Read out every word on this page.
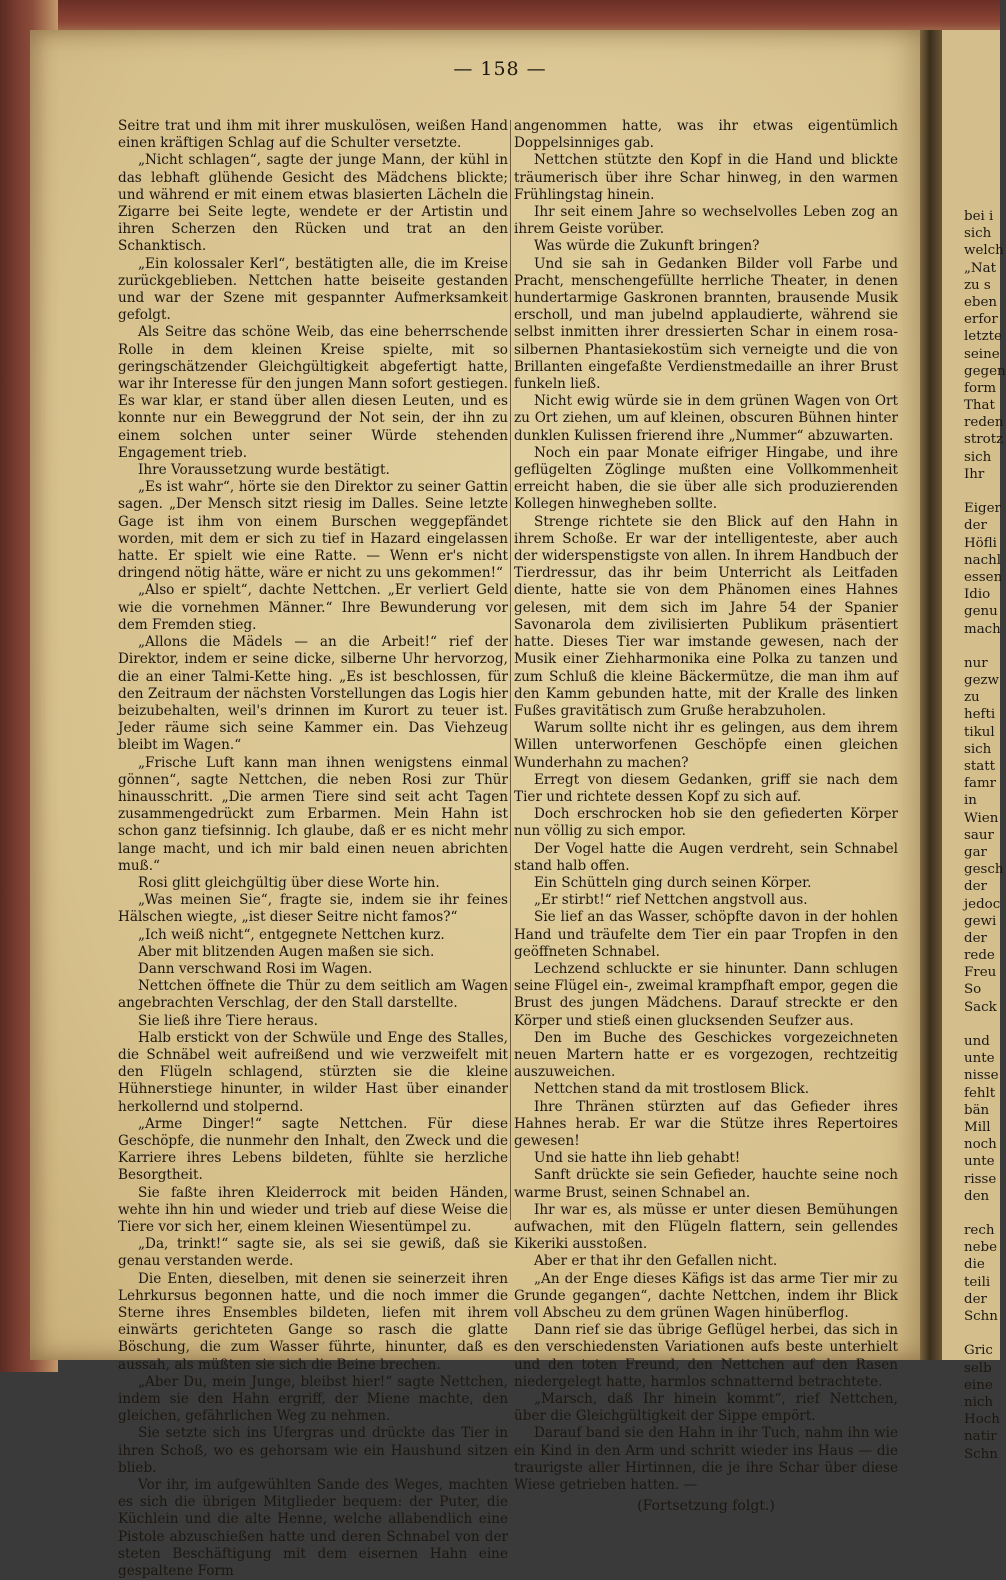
bei i
sich
welch
„Nat
zu s
eben
erfor
letzte
seine
gegen
form
That
reden
strotz
sich
Ihr
Eiger
der
Höfli
nachl
essen
Idio
genu
mach
nur
gezw
zu
hefti
tikul
sich
statt
famr
in
Wien
saur
gar
gesch
der
jedoc
gewi
der
rede
Freu
So
Sack
und
unte
nisse
fehlt
bän
Mill
noch
unte
risse
den
rech
nebe
die
teili
der
Schn
Gric
selb
eine
nich
Hoch
natir
Schn
— 158 —

Seitre trat und ihm mit ihrer muskulösen, weißen Hand einen kräftigen Schlag auf die Schulter versetzte.

„Nicht schlagen“, sagte der junge Mann, der kühl in das lebhaft glühende Gesicht des Mädchens blickte; und während er mit einem etwas blasierten Lächeln die Zigarre bei Seite legte, wendete er der Artistin und ihren Scherzen den Rücken und trat an den Schanktisch.

„Ein kolossaler Kerl“, bestätigten alle, die im Kreise zurückgeblieben. Nettchen hatte beiseite gestanden und war der Szene mit gespannter Aufmerksamkeit gefolgt.

Als Seitre das schöne Weib, das eine beherrschende Rolle in dem kleinen Kreise spielte, mit so geringschätzender Gleichgültigkeit abgefertigt hatte, war ihr Interesse für den jungen Mann sofort gestiegen. Es war klar, er stand über allen diesen Leuten, und es konnte nur ein Beweggrund der Not sein, der ihn zu einem solchen unter seiner Würde stehenden Engagement trieb.

Ihre Voraussetzung wurde bestätigt.

„Es ist wahr“, hörte sie den Direktor zu seiner Gattin sagen. „Der Mensch sitzt riesig im Dalles. Seine letzte Gage ist ihm von einem Burschen weggepfändet worden, mit dem er sich zu tief in Hazard eingelassen hatte. Er spielt wie eine Ratte. — Wenn er's nicht dringend nötig hätte, wäre er nicht zu uns gekommen!“

„Also er spielt“, dachte Nettchen. „Er verliert Geld wie die vornehmen Männer.“ Ihre Bewunderung vor dem Fremden stieg.

„Allons die Mädels — an die Arbeit!“ rief der Direktor, indem er seine dicke, silberne Uhr hervorzog, die an einer Talmi-Kette hing. „Es ist beschlossen, für den Zeitraum der nächsten Vorstellungen das Logis hier beizubehalten, weil's drinnen im Kurort zu teuer ist. Jeder räume sich seine Kammer ein. Das Viehzeug bleibt im Wagen.“

„Frische Luft kann man ihnen wenigstens einmal gönnen“, sagte Nettchen, die neben Rosi zur Thür hinausschritt. „Die armen Tiere sind seit acht Tagen zusammengedrückt zum Erbarmen. Mein Hahn ist schon ganz tiefsinnig. Ich glaube, daß er es nicht mehr lange macht, und ich mir bald einen neuen abrichten muß.“

Rosi glitt gleichgültig über diese Worte hin.

„Was meinen Sie“, fragte sie, indem sie ihr feines Hälschen wiegte, „ist dieser Seitre nicht famos?“

„Ich weiß nicht“, entgegnete Nettchen kurz.

Aber mit blitzenden Augen maßen sie sich.

Dann verschwand Rosi im Wagen.

Nettchen öffnete die Thür zu dem seitlich am Wagen angebrachten Verschlag, der den Stall darstellte.

Sie ließ ihre Tiere heraus.

Halb erstickt von der Schwüle und Enge des Stalles, die Schnäbel weit aufreißend und wie verzweifelt mit den Flügeln schlagend, stürzten sie die kleine Hühnerstiege hinunter, in wilder Hast über einander herkollernd und stolpernd.

„Arme Dinger!“ sagte Nettchen. Für diese Geschöpfe, die nunmehr den Inhalt, den Zweck und die Karriere ihres Lebens bildeten, fühlte sie herzliche Besorgtheit.

Sie faßte ihren Kleiderrock mit beiden Händen, wehte ihn hin und wieder und trieb auf diese Weise die Tiere vor sich her, einem kleinen Wiesentümpel zu.

„Da, trinkt!“ sagte sie, als sei sie gewiß, daß sie genau verstanden werde.

Die Enten, dieselben, mit denen sie seinerzeit ihren Lehrkursus begonnen hatte, und die noch immer die Sterne ihres Ensembles bildeten, liefen mit ihrem einwärts gerichteten Gange so rasch die glatte Böschung, die zum Wasser führte, hinunter, daß es aussah, als müßten sie sich die Beine brechen.

„Aber Du, mein Junge, bleibst hier!“ sagte Nettchen, indem sie den Hahn ergriff, der Miene machte, den gleichen, gefährlichen Weg zu nehmen.

Sie setzte sich ins Ufergras und drückte das Tier in ihren Schoß, wo es gehorsam wie ein Haushund sitzen blieb.

Vor ihr, im aufgewühlten Sande des Weges, machten es sich die übrigen Mitglieder bequem: der Puter, die Küchlein und die alte Henne, welche allabendlich eine Pistole abzuschießen hatte und deren Schnabel von der steten Beschäftigung mit dem eisernen Hahn eine gespaltene Form

angenommen hatte, was ihr etwas eigentümlich Doppelsinniges gab.

Nettchen stützte den Kopf in die Hand und blickte träumerisch über ihre Schar hinweg, in den warmen Frühlingstag hinein.

Ihr seit einem Jahre so wechselvolles Leben zog an ihrem Geiste vorüber.

Was würde die Zukunft bringen?

Und sie sah in Gedanken Bilder voll Farbe und Pracht, menschengefüllte herrliche Theater, in denen hundertarmige Gaskronen brannten, brausende Musik erscholl, und man jubelnd applaudierte, während sie selbst inmitten ihrer dressierten Schar in einem rosa-silbernen Phantasiekostüm sich verneigte und die von Brillanten eingefaßte Verdienstmedaille an ihrer Brust funkeln ließ.

Nicht ewig würde sie in dem grünen Wagen von Ort zu Ort ziehen, um auf kleinen, obscuren Bühnen hinter dunklen Kulissen frierend ihre „Nummer“ abzuwarten.

Noch ein paar Monate eifriger Hingabe, und ihre geflügelten Zöglinge mußten eine Vollkommenheit erreicht haben, die sie über alle sich produzierenden Kollegen hinwegheben sollte.

Strenge richtete sie den Blick auf den Hahn in ihrem Schoße. Er war der intelligenteste, aber auch der widerspenstigste von allen. In ihrem Handbuch der Tierdressur, das ihr beim Unterricht als Leitfaden diente, hatte sie von dem Phänomen eines Hahnes gelesen, mit dem sich im Jahre 54 der Spanier Savonarola dem zivilisierten Publikum präsentiert hatte. Dieses Tier war imstande gewesen, nach der Musik einer Ziehharmonika eine Polka zu tanzen und zum Schluß die kleine Bäckermütze, die man ihm auf den Kamm gebunden hatte, mit der Kralle des linken Fußes gravitätisch zum Gruße herabzuholen.

Warum sollte nicht ihr es gelingen, aus dem ihrem Willen unterworfenen Geschöpfe einen gleichen Wunderhahn zu machen?

Erregt von diesem Gedanken, griff sie nach dem Tier und richtete dessen Kopf zu sich auf.

Doch erschrocken hob sie den gefiederten Körper nun völlig zu sich empor.

Der Vogel hatte die Augen verdreht, sein Schnabel stand halb offen.

Ein Schütteln ging durch seinen Körper.

„Er stirbt!“ rief Nettchen angstvoll aus.

Sie lief an das Wasser, schöpfte davon in der hohlen Hand und träufelte dem Tier ein paar Tropfen in den geöffneten Schnabel.

Lechzend schluckte er sie hinunter. Dann schlugen seine Flügel ein-, zweimal krampfhaft empor, gegen die Brust des jungen Mädchens. Darauf streckte er den Körper und stieß einen glucksenden Seufzer aus.

Den im Buche des Geschickes vorgezeichneten neuen Martern hatte er es vorgezogen, rechtzeitig auszuweichen.

Nettchen stand da mit trostlosem Blick.

Ihre Thränen stürzten auf das Gefieder ihres Hahnes herab. Er war die Stütze ihres Repertoires gewesen!

Und sie hatte ihn lieb gehabt!

Sanft drückte sie sein Gefieder, hauchte seine noch warme Brust, seinen Schnabel an.

Ihr war es, als müsse er unter diesen Bemühungen aufwachen, mit den Flügeln flattern, sein gellendes Kikeriki ausstoßen.

Aber er that ihr den Gefallen nicht.

„An der Enge dieses Käfigs ist das arme Tier mir zu Grunde gegangen“, dachte Nettchen, indem ihr Blick voll Abscheu zu dem grünen Wagen hinüberflog.

Dann rief sie das übrige Geflügel herbei, das sich in den verschiedensten Variationen aufs beste unterhielt und den toten Freund, den Nettchen auf den Rasen niedergelegt hatte, harmlos schnatternd betrachtete.

„Marsch, daß Ihr hinein kommt“, rief Nettchen, über die Gleichgültigkeit der Sippe empört.

Darauf band sie den Hahn in ihr Tuch, nahm ihn wie ein Kind in den Arm und schritt wieder ins Haus — die traurigste aller Hirtinnen, die je ihre Schar über diese Wiese getrieben hatten. —

(Fortsetzung folgt.)
